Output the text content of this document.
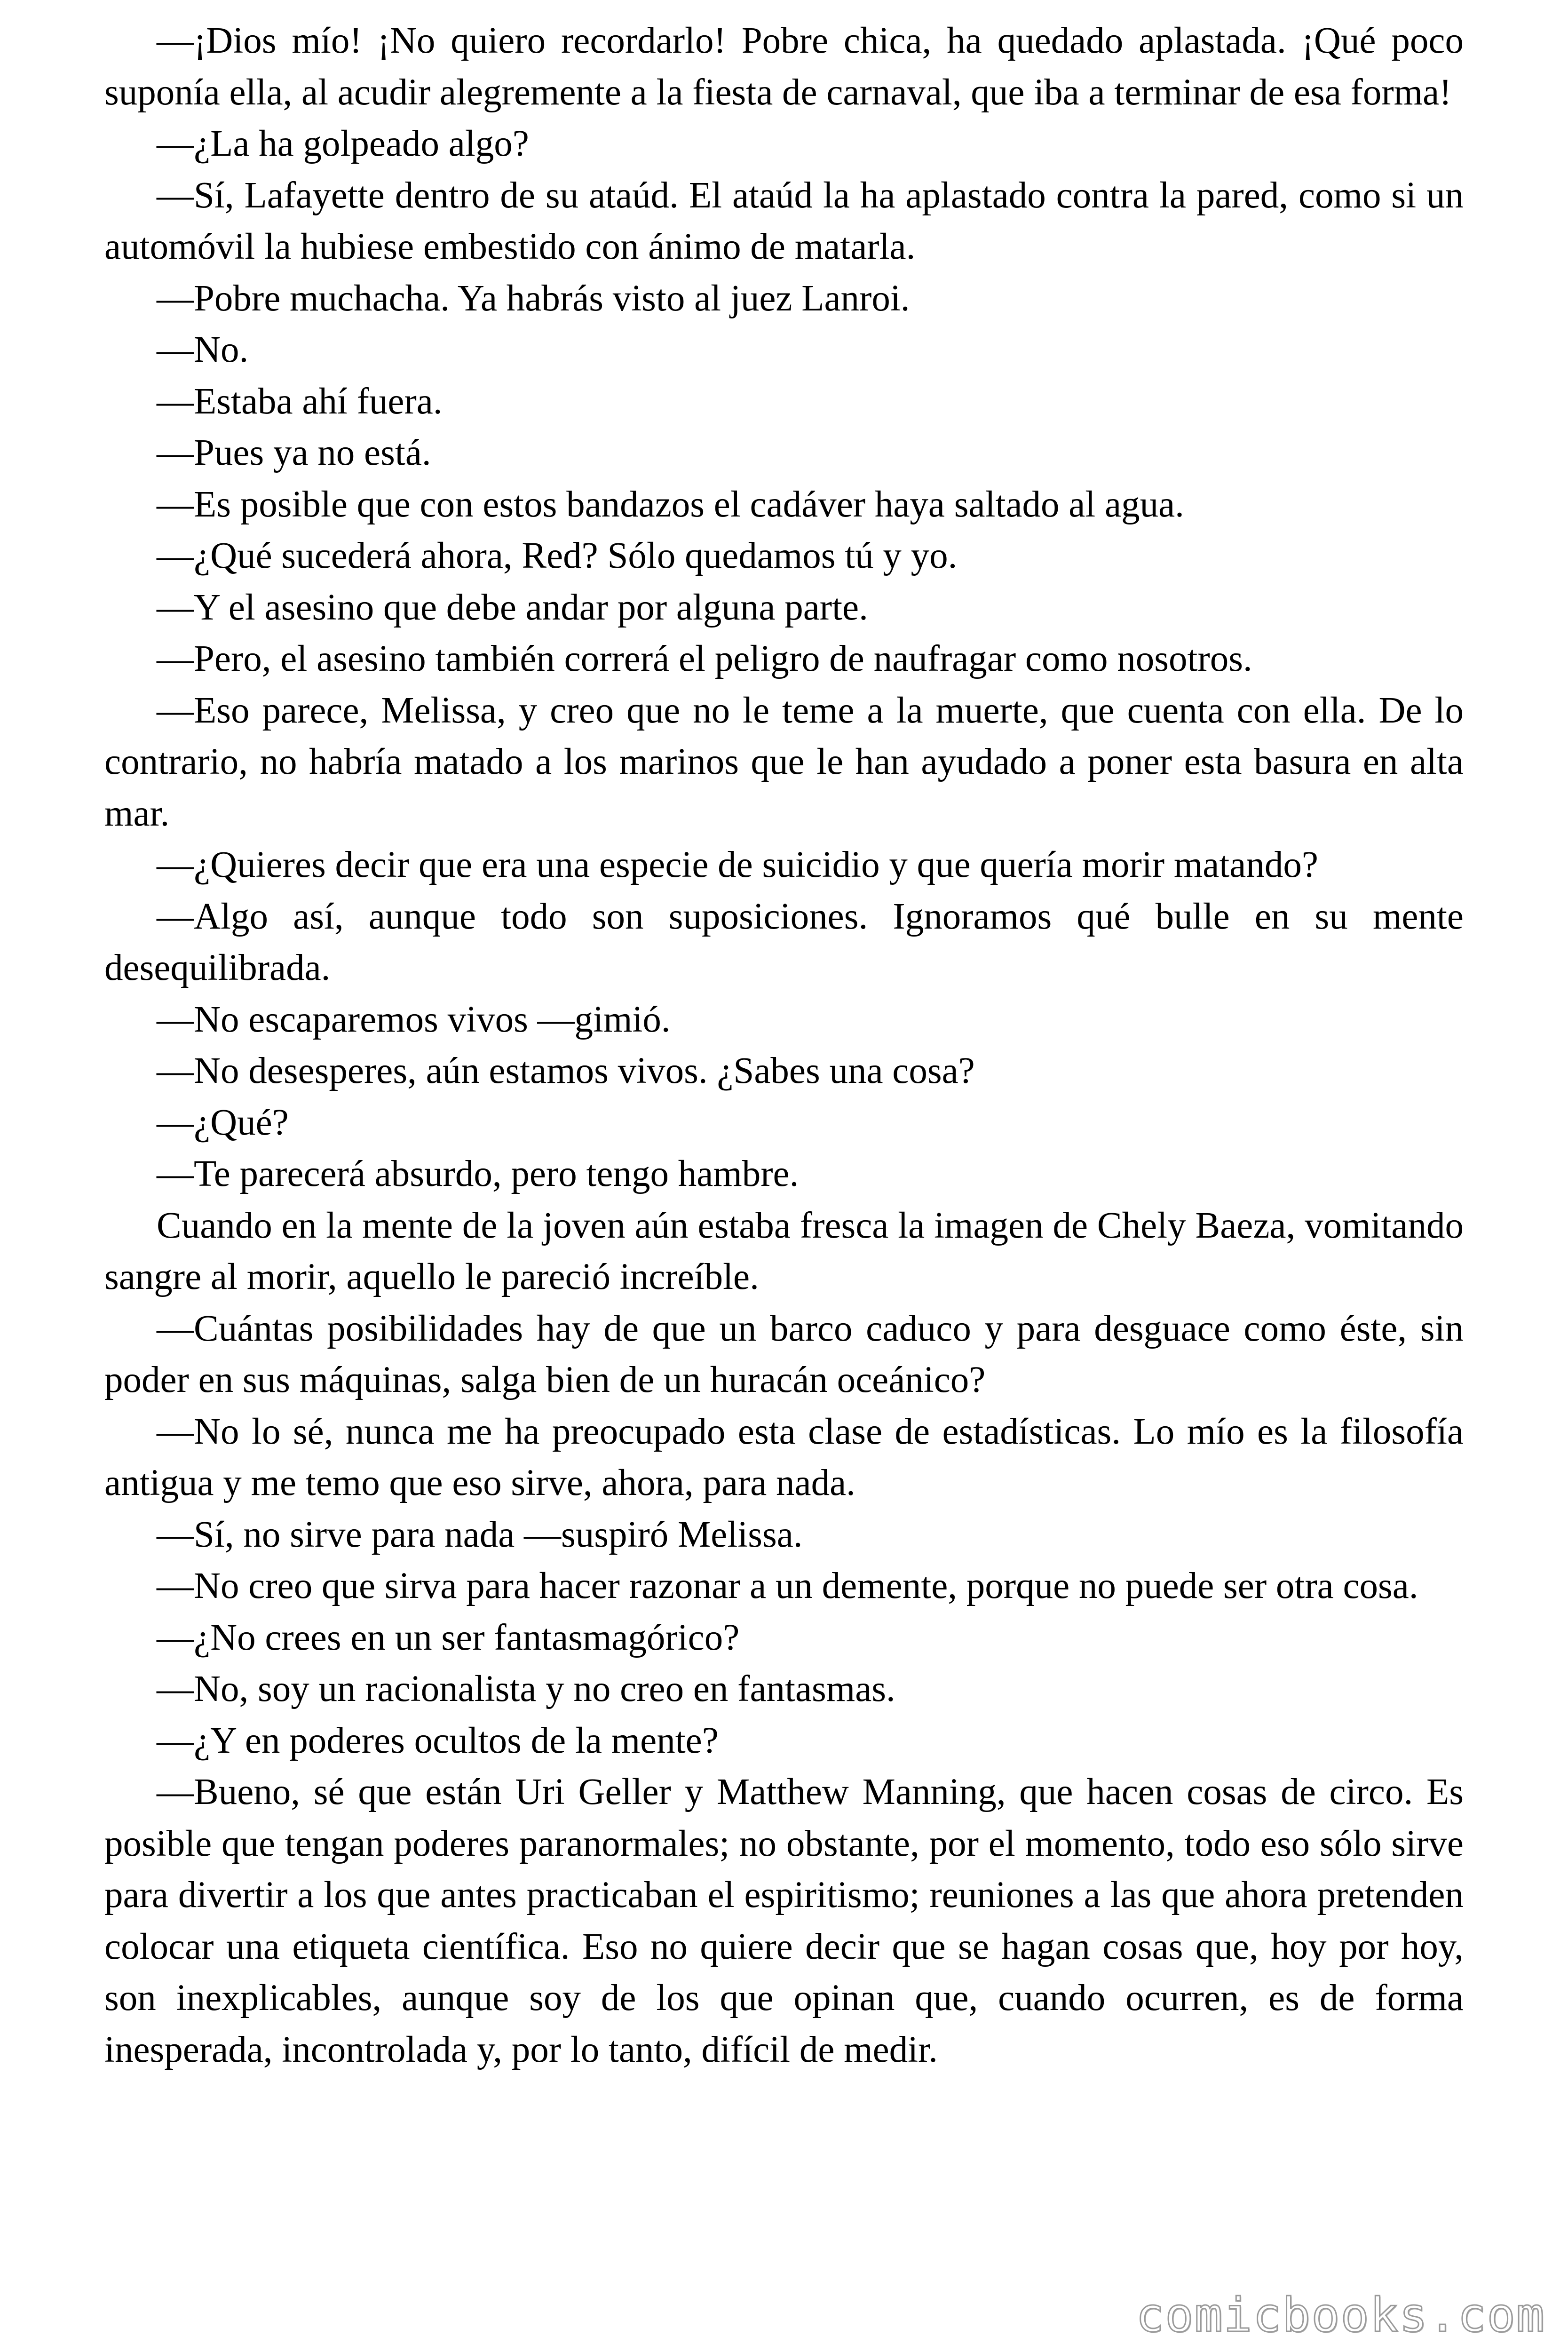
—¡Dios mío! ¡No quiero recordarlo! Pobre chica, ha quedado aplastada. ¡Qué poco suponía ella, al acudir alegremente a la fiesta de carnaval, que iba a terminar de esa forma!

—¿La ha golpeado algo?

—Sí, Lafayette dentro de su ataúd. El ataúd la ha aplastado contra la pared, como si un automóvil la hubiese embestido con ánimo de matarla.

—Pobre muchacha. Ya habrás visto al juez Lanroi.

—No.

—Estaba ahí fuera.

—Pues ya no está.

—Es posible que con estos bandazos el cadáver haya saltado al agua.

—¿Qué sucederá ahora, Red? Sólo quedamos tú y yo.

—Y el asesino que debe andar por alguna parte.

—Pero, el asesino también correrá el peligro de naufragar como nosotros.

—Eso parece, Melissa, y creo que no le teme a la muerte, que cuenta con ella. De lo contrario, no habría matado a los marinos que le han ayudado a poner esta basura en alta mar.

—¿Quieres decir que era una especie de suicidio y que quería morir matando?

—Algo así, aunque todo son suposiciones. Ignoramos qué bulle en su mente desequilibrada.

—No escaparemos vivos —gimió.

—No desesperes, aún estamos vivos. ¿Sabes una cosa?

—¿Qué?

—Te parecerá absurdo, pero tengo hambre.

Cuando en la mente de la joven aún estaba fresca la imagen de Chely Baeza, vomitando sangre al morir, aquello le pareció increíble.

—Cuántas posibilidades hay de que un barco caduco y para desguace como éste, sin poder en sus máquinas, salga bien de un huracán oceánico?

—No lo sé, nunca me ha preocupado esta clase de estadísticas. Lo mío es la filosofía antigua y me temo que eso sirve, ahora, para nada.

—Sí, no sirve para nada —suspiró Melissa.

—No creo que sirva para hacer razonar a un demente, porque no puede ser otra cosa.

—¿No crees en un ser fantasmagórico?

—No, soy un racionalista y no creo en fantasmas.

—¿Y en poderes ocultos de la mente?

—Bueno, sé que están Uri Geller y Matthew Manning, que hacen cosas de circo. Es posible que tengan poderes paranormales; no obstante, por el momento, todo eso sólo sirve para divertir a los que antes practicaban el espiritismo; reuniones a las que ahora pretenden colocar una etiqueta científica. Eso no quiere decir que se hagan cosas que, hoy por hoy, son inexplicables, aunque soy de los que opinan que, cuando ocurren, es de forma inesperada, incontrolada y, por lo tanto, difícil de medir.

comicbooks.com
